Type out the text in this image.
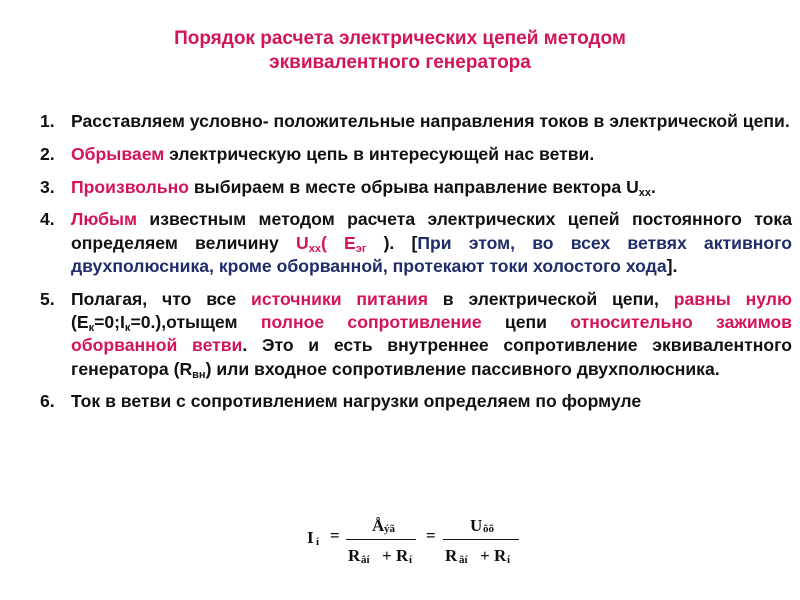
Порядок расчета электрических цепей методом
эквивалентного генератора
1. Расставляем условно- положительные направления токов в электрической цепи.
2. Обрываем электрическую цепь в интересующей нас ветви.
3. Произвольно выбираем в месте обрыва направление вектора $U_{хх}$.
4. Любым известным методом расчета электрических цепей постоянного тока определяем величину $U_{хх}$( $Е_{эг}$ ). [При этом, во всех ветвях активного двухполюсника, кроме оборванной, протекают токи холостого хода].
5. Полагая, что все источники питания в электрической цепи, равны нулю $(Е_к=0;I_к=0.),отыщем$ полное сопротивление цепи относительно зажимов оборванной ветви. Это и есть внутреннее сопротивление эквивалентного генератора $(R_{вн})$ или входное сопротивление пассивного двухполюсника.
6. Ток в ветви с сопротивлением нагрузки определяем по формуле
I í =
Å ýã
R âí + R í
=
U õõ
R âí + R í
